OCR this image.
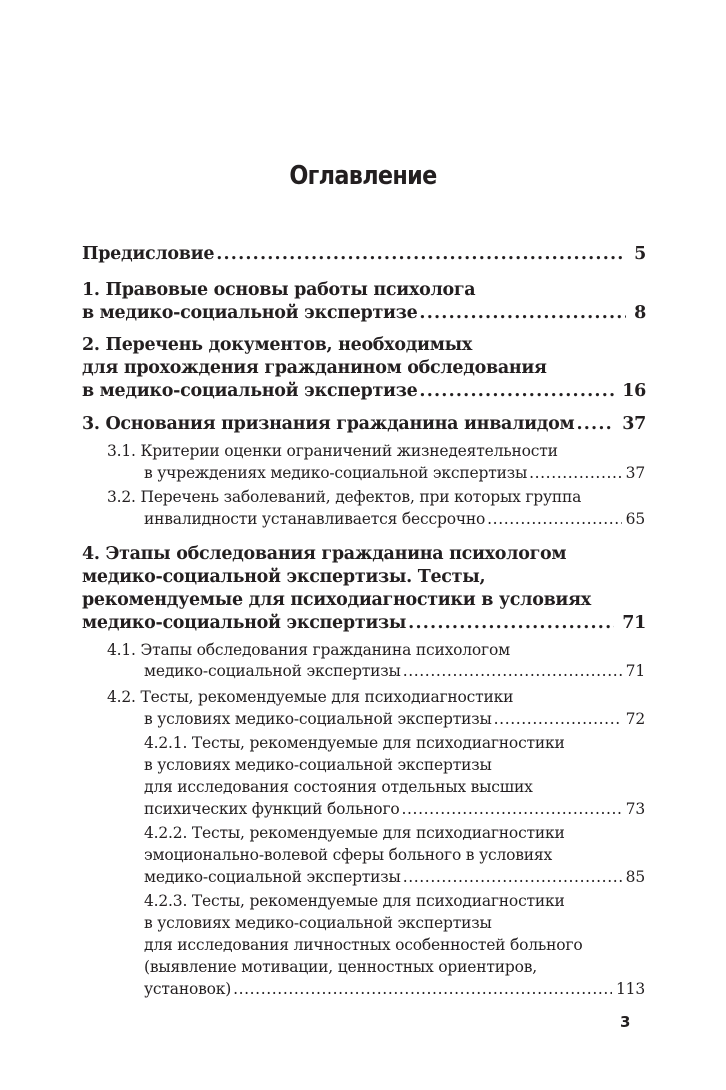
Оглавление
Предисловие .....	5
1. Правовые основы работы психолога
в медико-социальной экспертизе .....	8
2. Перечень документов, необходимых
для прохождения гражданином обследования
в медико-социальной экспертизе .....	16
3. Основания признания гражданина инвалидом .....	37
3.1. Критерии оценки ограничений жизнедеятельности
в учреждениях медико-социальной экспертизы .....	37
3.2. Перечень заболеваний, дефектов, при которых группа
инвалидности устанавливается бессрочно .....	65
4. Этапы обследования гражданина психологом
медико-социальной экспертизы. Тесты,
рекомендуемые для психодиагностики в условиях
медико-социальной экспертизы .....	71
4.1. Этапы обследования гражданина психологом
медико-социальной экспертизы .....	71
4.2. Тесты, рекомендуемые для психодиагностики
в условиях медико-социальной экспертизы .....	72
4.2.1. Тесты, рекомендуемые для психодиагностики
в условиях медико-социальной экспертизы
для исследования состояния отдельных высших
психических функций больного .....	73
4.2.2. Тесты, рекомендуемые для психодиагностики
эмоционально-волевой сферы больного в условиях
медико-социальной экспертизы .....	85
4.2.3. Тесты, рекомендуемые для психодиагностики
в условиях медико-социальной экспертизы
для исследования личностных особенностей больного
(выявление мотивации, ценностных ориентиров,
установок) .....	113
3
